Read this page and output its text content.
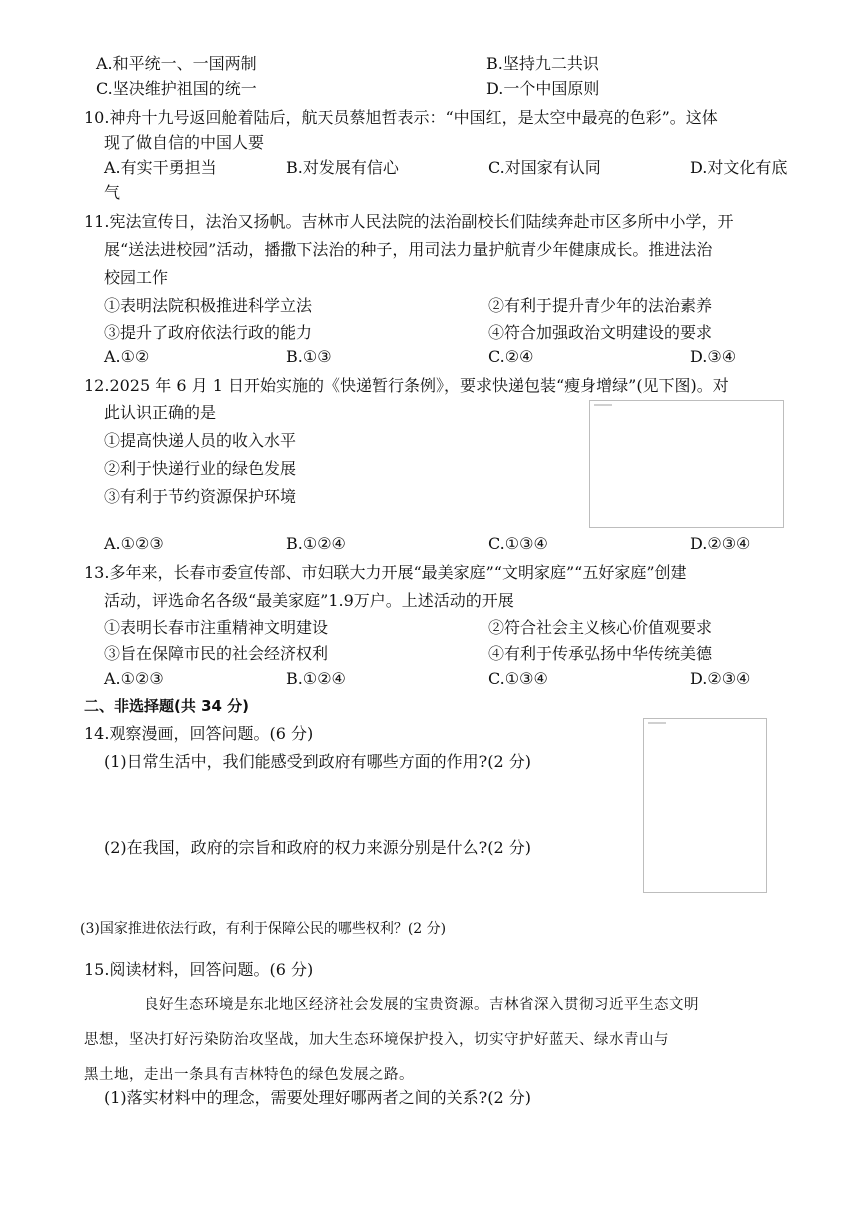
A.和平统一、一国两制	B.坚持九二共识
C.坚决维护祖国的统一	D.一个中国原则
10.神舟十九号返回舱着陆后，航天员蔡旭哲表示：“中国红，是太空中最亮的色彩”。这体
现了做自信的中国人要
A.有实干勇担当	B.对发展有信心	C.对国家有认同	D.对文化有底
气
11.宪法宣传日，法治又扬帆。吉林市人民法院的法治副校长们陆续奔赴市区多所中小学，开
展“送法进校园”活动，播撒下法治的种子，用司法力量护航青少年健康成长。推进法治
校园工作
①表明法院积极推进科学立法	②有利于提升青少年的法治素养
③提升了政府依法行政的能力	④符合加强政治文明建设的要求
A.①②	B.①③	C.②④	D.③④
12.2025 年 6 月 1 日开始实施的《快递暂行条例》，要求快递包装“瘦身增绿”(见下图)。对
此认识正确的是
①提高快递人员的收入水平
②利于快递行业的绿色发展
③有利于节约资源保护环境
A.①②③	B.①②④	C.①③④	D.②③④
13.多年来，长春市委宣传部、市妇联大力开展“最美家庭”“文明家庭”“五好家庭”创建
活动，评选命名各级“最美家庭”1.9万户。上述活动的开展
①表明长春市注重精神文明建设	②符合社会主义核心价值观要求
③旨在保障市民的社会经济权利	④有利于传承弘扬中华传统美德
A.①②③	B.①②④	C.①③④	D.②③④
二、非选择题(共 34 分)
14.观察漫画，回答问题。(6 分)
(1)日常生活中，我们能感受到政府有哪些方面的作用?(2 分)
(2)在我国，政府的宗旨和政府的权力来源分别是什么?(2 分)
(3)国家推进依法行政，有利于保障公民的哪些权利？(2 分)
15.阅读材料，回答问题。(6 分)
良好生态环境是东北地区经济社会发展的宝贵资源。吉林省深入贯彻习近平生态文明
思想，坚决打好污染防治攻坚战，加大生态环境保护投入，切实守护好蓝天、绿水青山与
黑土地，走出一条具有吉林特色的绿色发展之路。
(1)落实材料中的理念，需要处理好哪两者之间的关系?(2 分)
